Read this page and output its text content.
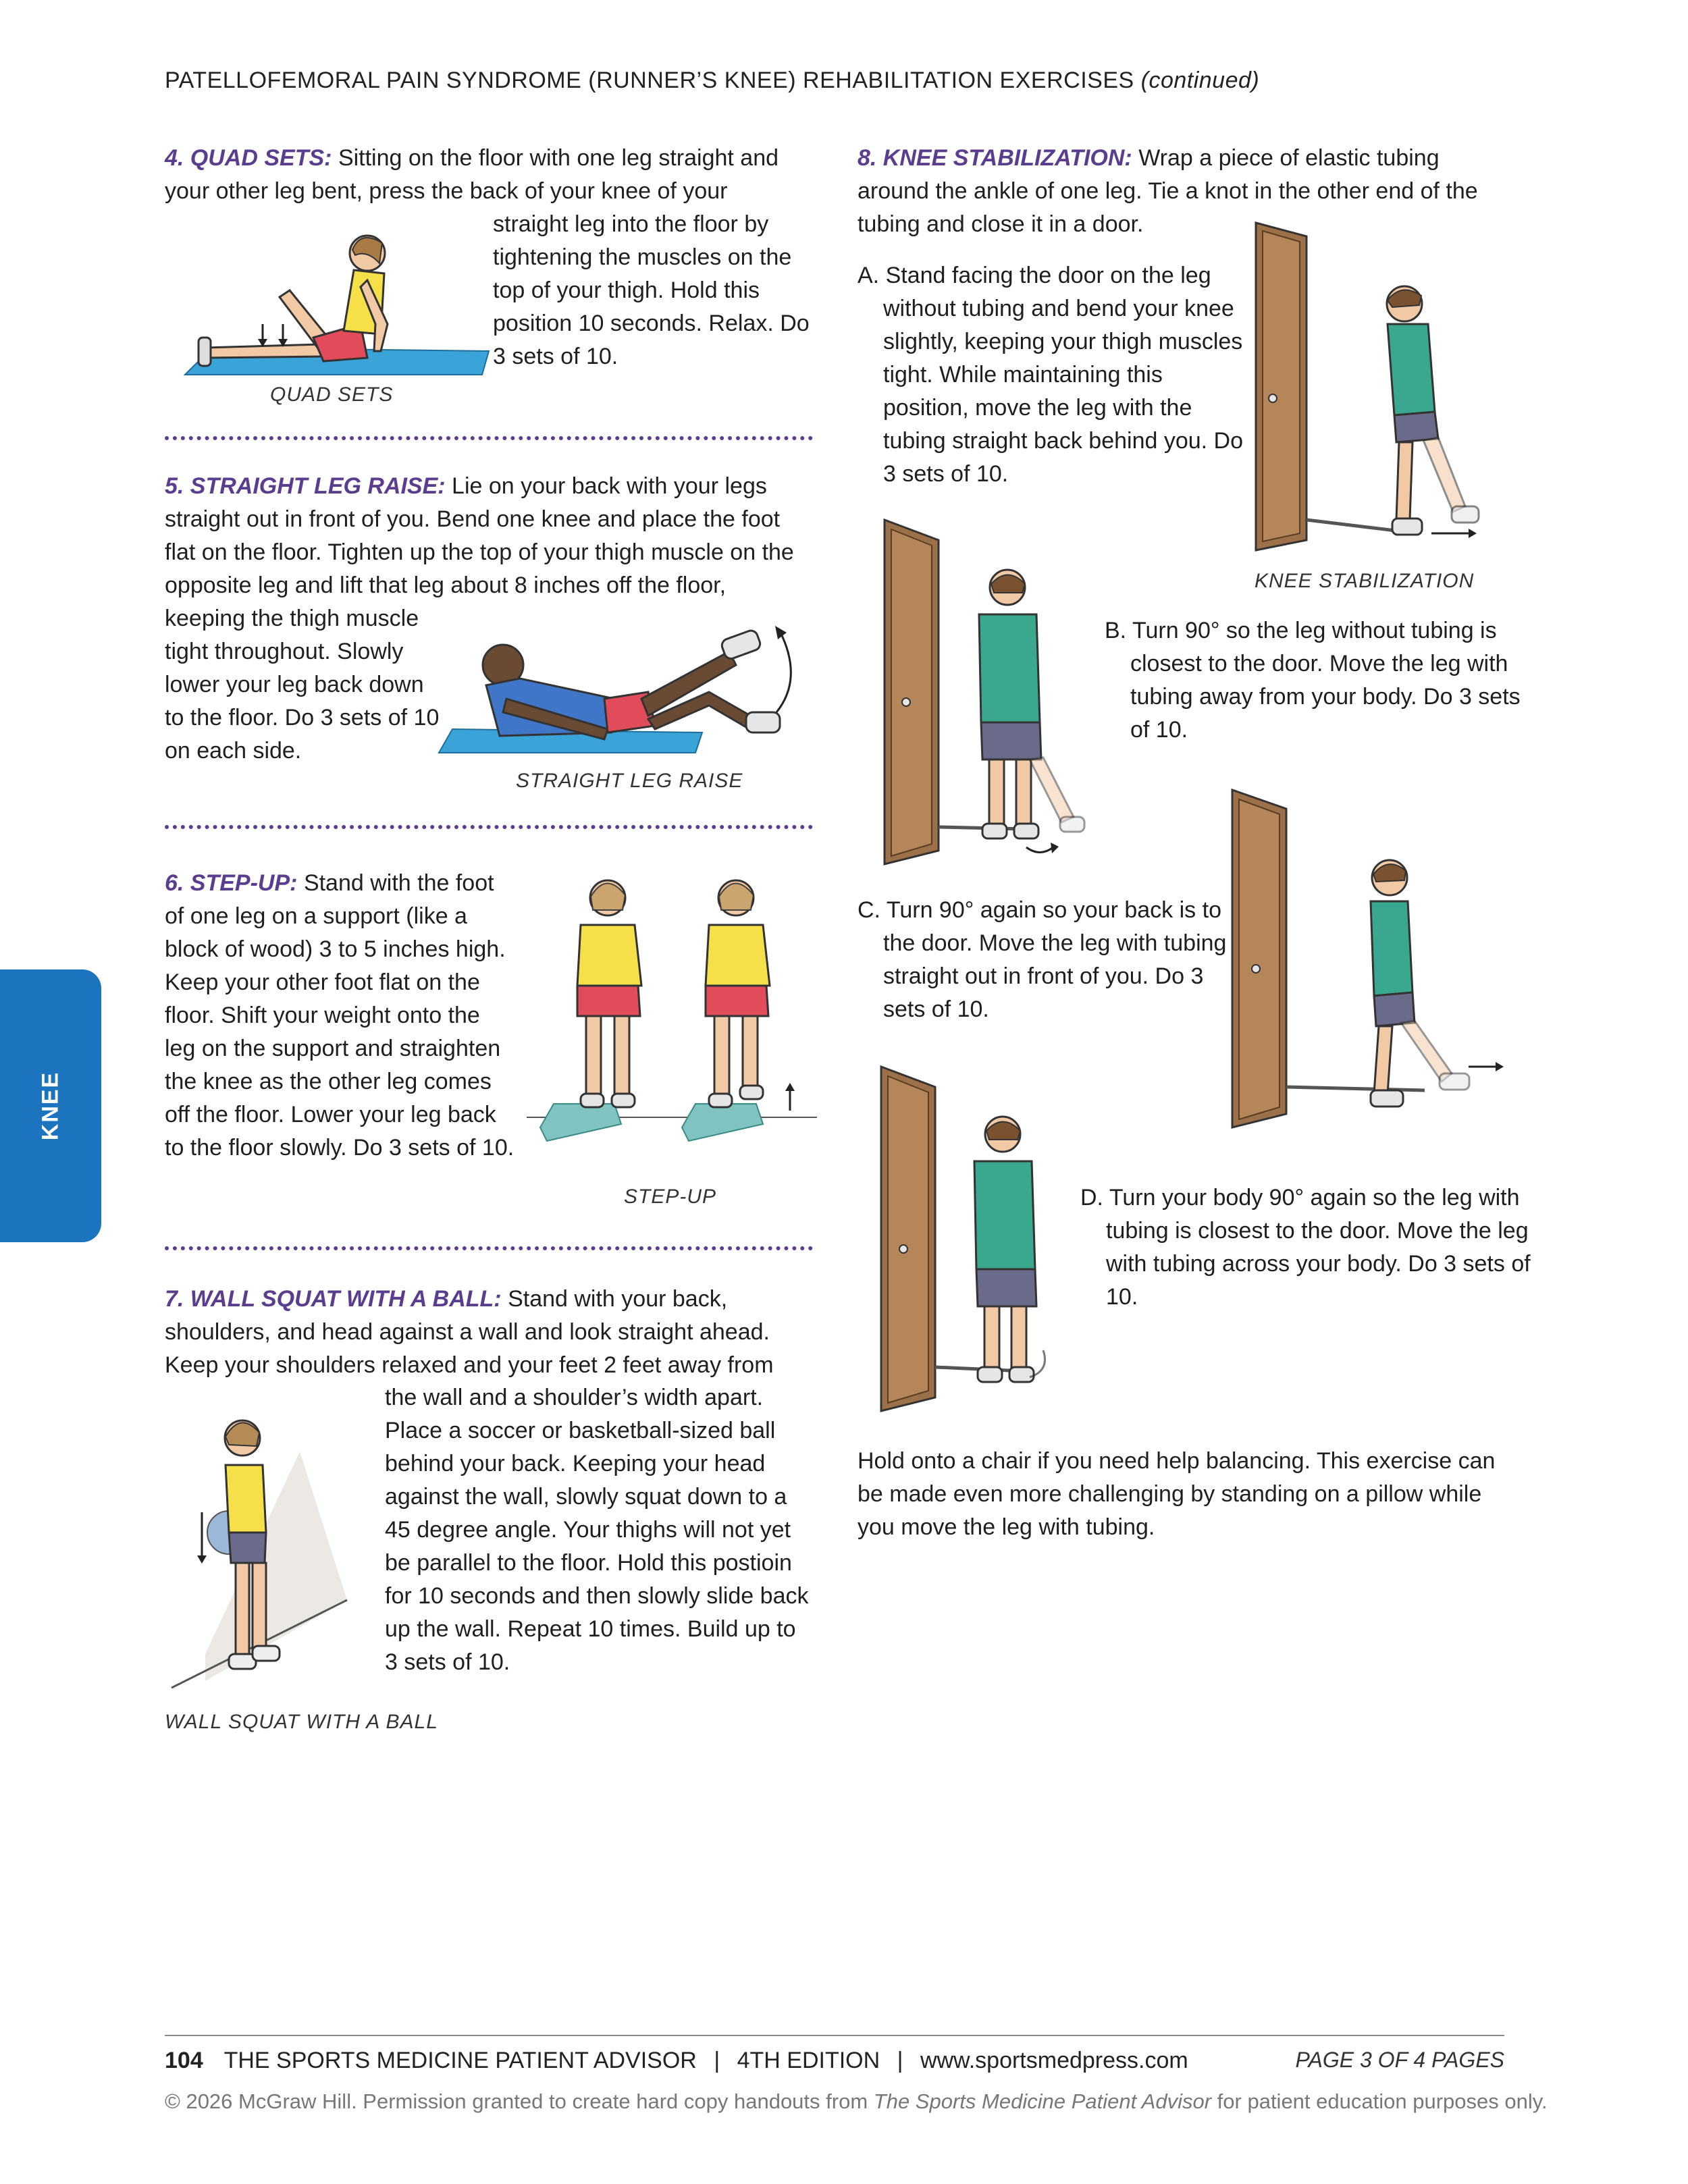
PATELLOFEMORAL PAIN SYNDROME (RUNNER’S KNEE) REHABILITATION EXERCISES (continued)
KNEE
4. QUAD SETS: Sitting on the floor with one leg straight and your other leg bent, press the back of your knee of your
straight leg into the floor by tightening the muscles on the top of your thigh. Hold this position 10 seconds. Relax. Do 3 sets of 10.
QUAD SETS
5. STRAIGHT LEG RAISE: Lie on your back with your legs straight out in front of you. Bend one knee and place the foot flat on the floor. Tighten up the top of your thigh muscle on the opposite leg and lift that leg about 8 inches off the floor,
keeping the thigh muscle tight throughout. Slowly lower your leg back down to the floor. Do 3 sets of 10 on each side.
STRAIGHT LEG RAISE
6. STEP-UP: Stand with the foot of one leg on a support (like a block of wood) 3 to 5 inches high. Keep your other foot flat on the floor. Shift your weight onto the leg on the support and straighten the knee as the other leg comes off the floor. Lower your leg back to the floor slowly. Do 3 sets of 10.
STEP-UP
7. WALL SQUAT WITH A BALL: Stand with your back, shoulders, and head against a wall and look straight ahead. Keep your shoulders relaxed and your feet 2 feet away from
the wall and a shoulder’s width apart. Place a soccer or basketball-sized ball behind your back. Keeping your head against the wall, slowly squat down to a 45 degree angle. Your thighs will not yet be parallel to the floor. Hold this postioin for 10 seconds and then slowly slide back up the wall. Repeat 10 times. Build up to 3 sets of 10.
WALL SQUAT WITH A BALL
8. KNEE STABILIZATION: Wrap a piece of elastic tubing around the ankle of one leg. Tie a knot in the other end of the tubing and close it in a door.
A. Stand facing the door on the leg without tubing and bend your knee slightly, keeping your thigh muscles tight. While maintaining this position, move the leg with the tubing straight back behind you. Do 3 sets of 10.
KNEE STABILIZATION
B. Turn 90° so the leg without tubing is closest to the door. Move the leg with tubing away from your body. Do 3 sets of 10.
C. Turn 90° again so your back is to the door. Move the leg with tubing straight out in front of you. Do 3 sets of 10.
D. Turn your body 90° again so the leg with tubing is closest to the door. Move the leg with tubing across your body. Do 3 sets of 10.
Hold onto a chair if you need help balancing. This exercise can be made even more challenging by standing on a pillow while you move the leg with tubing.
104 THE SPORTS MEDICINE PATIENT ADVISOR | 4TH EDITION | www.sportsmedpress.com	PAGE 3 OF 4 PAGES
© 2026 McGraw Hill. Permission granted to create hard copy handouts from The Sports Medicine Patient Advisor for patient education purposes only.
